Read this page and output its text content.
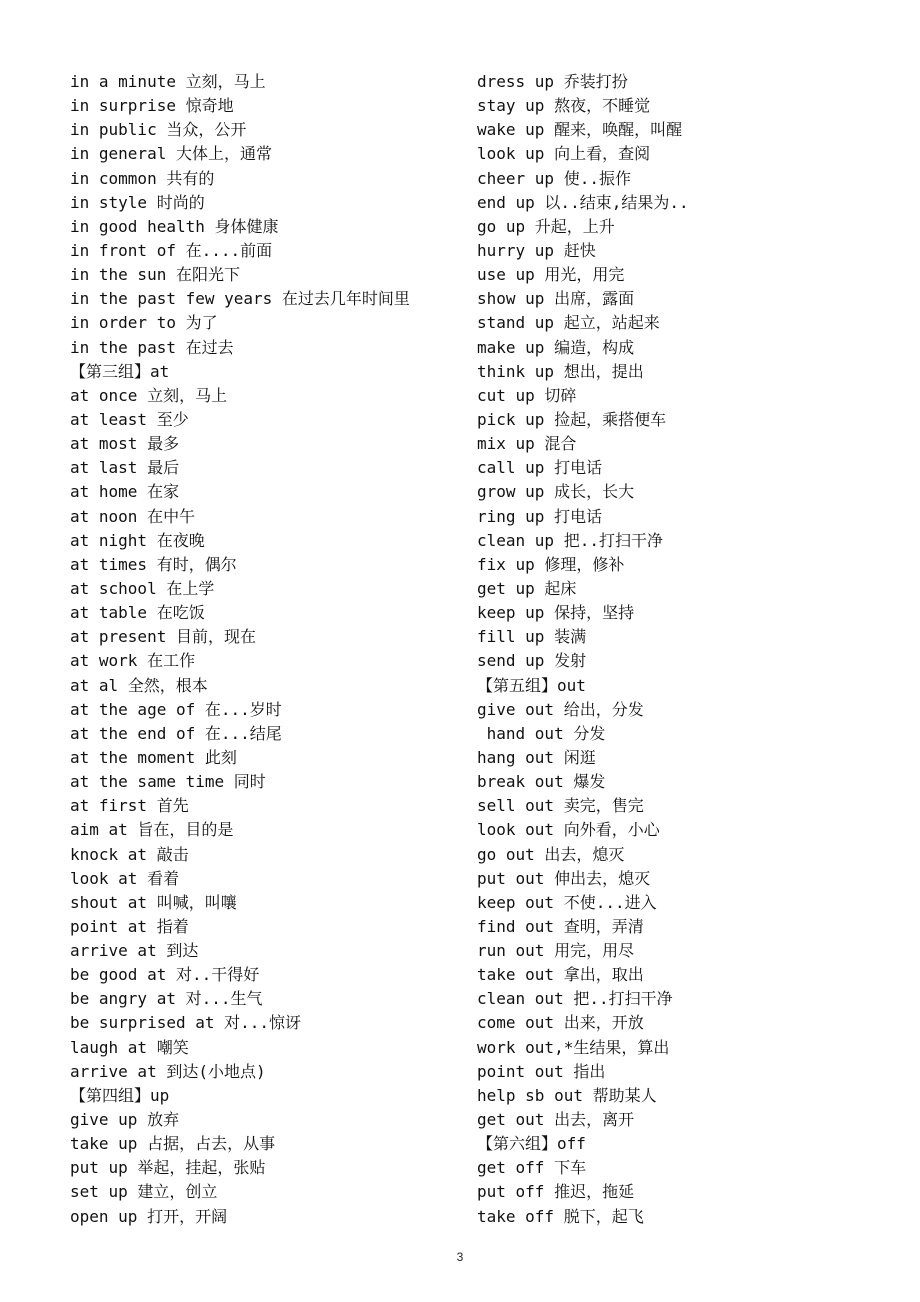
in a minute 立刻，马上
in surprise 惊奇地
in public 当众，公开
in general 大体上，通常
in common 共有的
in style 时尚的
in good health 身体健康
in front of 在....前面
in the sun 在阳光下
in the past few years 在过去几年时间里
in order to 为了
in the past 在过去
【第三组】at
at once 立刻，马上
at least 至少
at most 最多
at last 最后
at home 在家
at noon 在中午
at night 在夜晚
at times 有时，偶尔
at school 在上学
at table 在吃饭
at present 目前，现在
at work 在工作
at al 全然，根本
at the age of 在...岁时
at the end of 在...结尾
at the moment 此刻
at the same time 同时
at first 首先
aim at 旨在，目的是
knock at 敲击
look at 看着
shout at 叫喊，叫嚷
point at 指着
arrive at 到达
be good at 对..干得好
be angry at 对...生气
be surprised at 对...惊讶
laugh at 嘲笑
arrive at 到达(小地点)
【第四组】up
give up 放弃
take up 占据，占去，从事
put up 举起，挂起，张贴
set up 建立，创立
open up 打开，开阔
dress up 乔装打扮
stay up 熬夜，不睡觉
wake up 醒来，唤醒，叫醒
look up 向上看，查阅
cheer up 使..振作
end up 以..结束,结果为..
go up 升起，上升
hurry up 赶快
use up 用光，用完
show up 出席，露面
stand up 起立，站起来
make up 编造，构成
think up 想出，提出
cut up 切碎
pick up 捡起，乘搭便车
mix up 混合
call up 打电话
grow up 成长，长大
ring up 打电话
clean up 把..打扫干净
fix up 修理，修补
get up 起床
keep up 保持，坚持
fill up 装满
send up 发射
【第五组】out
give out 给出，分发
hand out 分发
hang out 闲逛
break out 爆发
sell out 卖完，售完
look out 向外看，小心
go out 出去，熄灭
put out 伸出去，熄灭
keep out 不使...进入
find out 查明，弄清
run out 用完，用尽
take out 拿出，取出
clean out 把..打扫干净
come out 出来，开放
work out,*生结果，算出
point out 指出
help sb out 帮助某人
get out 出去，离开
【第六组】off
get off 下车
put off 推迟，拖延
take off 脱下，起飞
3
